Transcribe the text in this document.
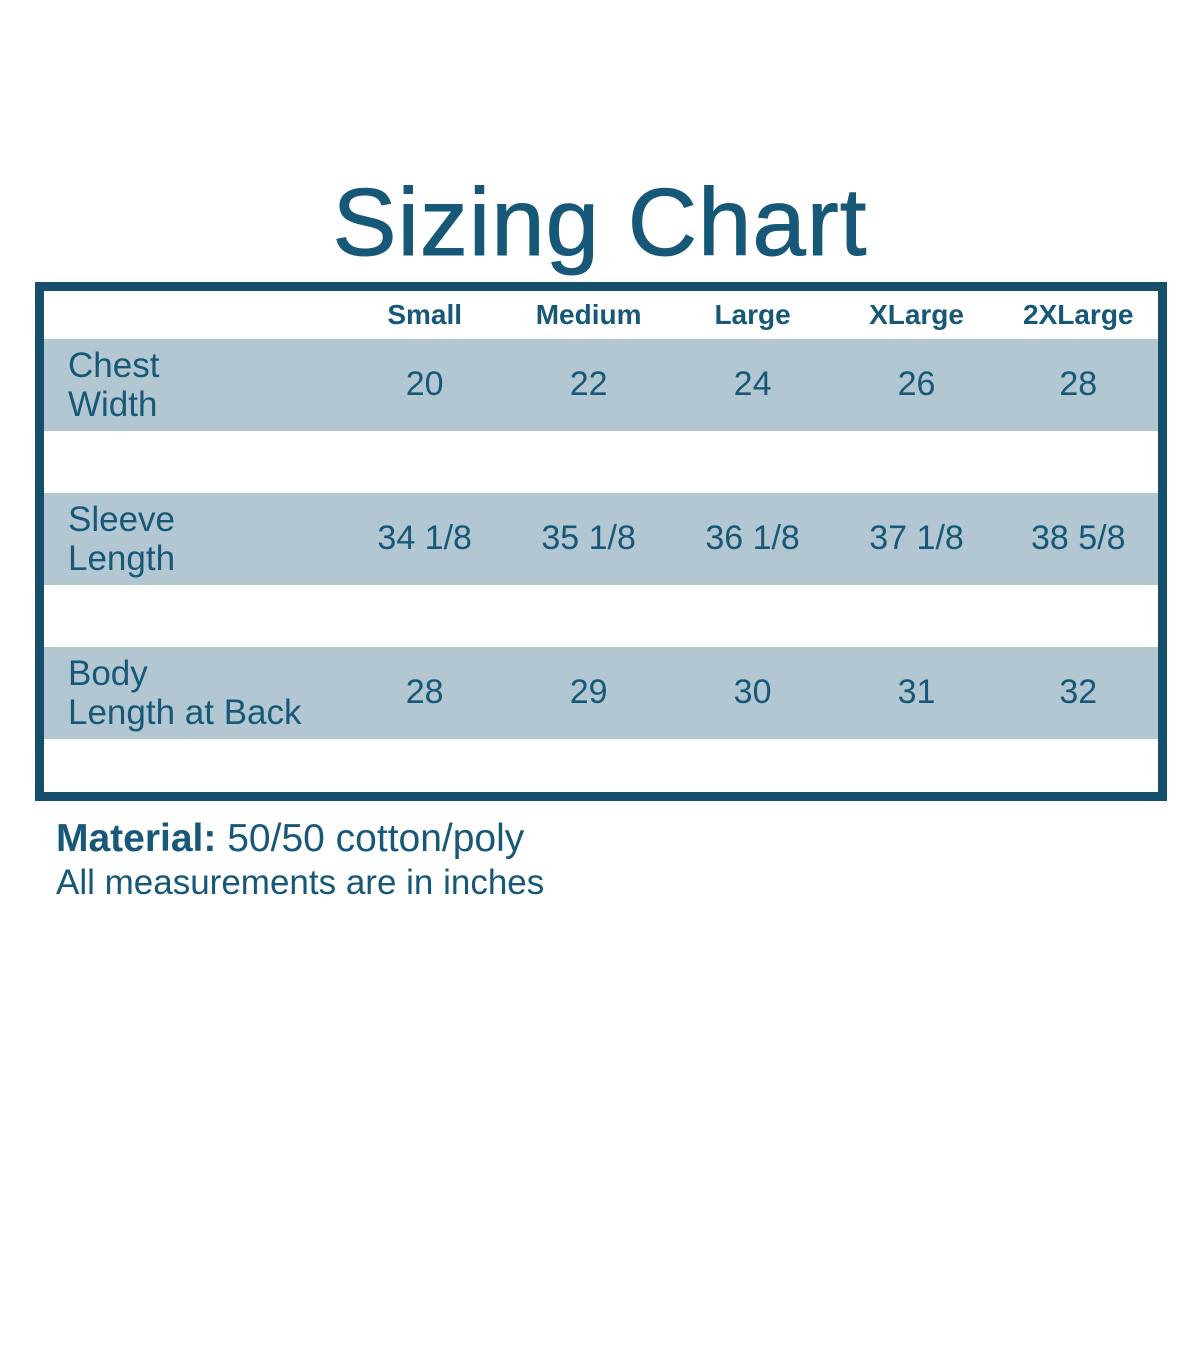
Sizing Chart
	Small	Medium	Large	XLarge	2XLarge

Chest
Width	20	22	24	26	28

Sleeve
Length	34 1/8	35 1/8	36 1/8	37 1/8	38 5/8

Body
Length at Back	28	29	30	31	32

Material: 50/50 cotton/poly

All measurements are in inches
